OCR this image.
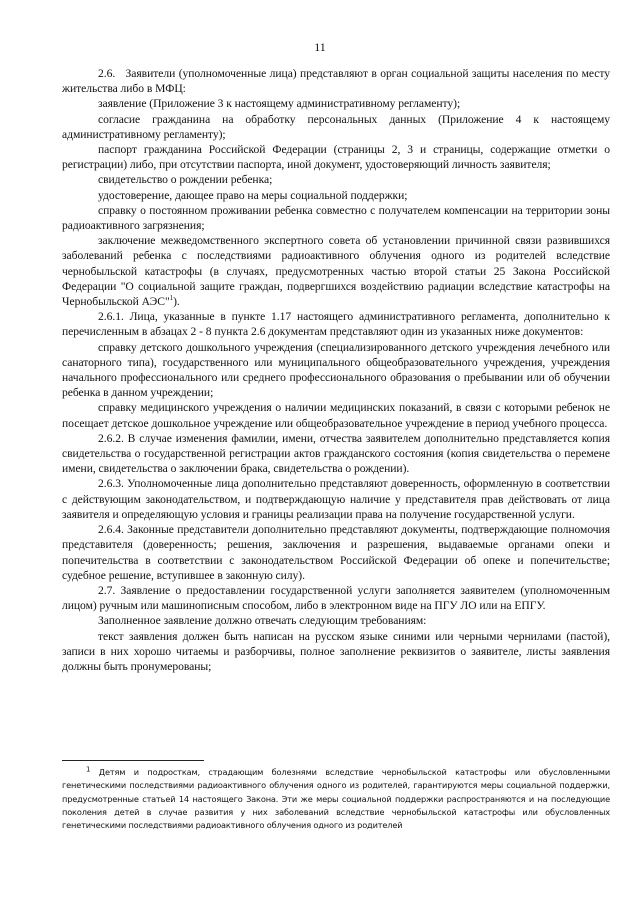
11

2.6.   Заявители (уполномоченные лица) представляют в орган социальной защиты населения по месту жительства либо в МФЦ:

заявление (Приложение 3 к настоящему административному регламенту);

согласие гражданина на обработку персональных данных (Приложение 4 к настоящему административному регламенту);

паспорт гражданина Российской Федерации (страницы 2, 3 и страницы, содержащие отметки о регистрации) либо, при отсутствии паспорта, иной документ, удостоверяющий личность заявителя;

свидетельство о рождении ребенка;

удостоверение, дающее право на меры социальной поддержки;

справку о постоянном проживании ребенка совместно с получателем компенсации на территории зоны радиоактивного загрязнения;

заключение межведомственного экспертного совета об установлении причинной связи развившихся заболеваний ребенка с последствиями радиоактивного облучения одного из родителей вследствие чернобыльской катастрофы (в случаях, предусмотренных частью второй статьи 25 Закона Российской Федерации "О социальной защите граждан, подвергшихся воздействию радиации вследствие катастрофы на Чернобыльской АЭС"$^1$).

2.6.1. Лица, указанные в пункте 1.17 настоящего административного регламента, дополнительно к перечисленным в абзацах 2 - 8 пункта 2.6 документам представляют один из указанных ниже документов:

справку детского дошкольного учреждения (специализированного детского учреждения лечебного или санаторного типа), государственного или муниципального общеобразовательного учреждения, учреждения начального профессионального или среднего профессионального образования о пребывании или об обучении ребенка в данном учреждении;

справку медицинского учреждения о наличии медицинских показаний, в связи с которыми ребенок не посещает детское дошкольное учреждение или общеобразовательное учреждение в период учебного процесса.

2.6.2. В случае изменения фамилии, имени, отчества заявителем дополнительно представляется копия свидетельства о государственной регистрации актов гражданского состояния (копия свидетельства о перемене имени, свидетельства о заключении брака, свидетельства о рождении).

2.6.3. Уполномоченные лица дополнительно представляют доверенность, оформленную в соответствии с действующим законодательством, и подтверждающую наличие у представителя прав действовать от лица заявителя и определяющую условия и границы реализации права на получение государственной услуги.

2.6.4. Законные представители дополнительно представляют документы, подтверждающие полномочия представителя (доверенность; решения, заключения и разрешения, выдаваемые органами опеки и попечительства в соответствии с законодательством Российской Федерации об опеке и попечительстве; судебное решение, вступившее в законную силу).

2.7. Заявление о предоставлении государственной услуги заполняется заявителем (уполномоченным лицом) ручным или машинописным способом, либо в электронном виде на ПГУ ЛО или на ЕПГУ.

Заполненное заявление должно отвечать следующим требованиям:

текст заявления должен быть написан на русском языке синими или черными чернилами (пастой), записи в них хорошо читаемы и разборчивы, полное заполнение реквизитов о заявителе, листы заявления должны быть пронумерованы;

$^1$ Детям и подросткам, страдающим болезнями вследствие чернобыльской катастрофы или обусловленными генетическими последствиями радиоактивного облучения одного из родителей, гарантируются меры социальной поддержки, предусмотренные статьей 14 настоящего Закона. Эти же меры социальной поддержки распространяются и на последующие поколения детей в случае развития у них заболеваний вследствие чернобыльской катастрофы или обусловленных генетическими последствиями радиоактивного облучения одного из родителей
